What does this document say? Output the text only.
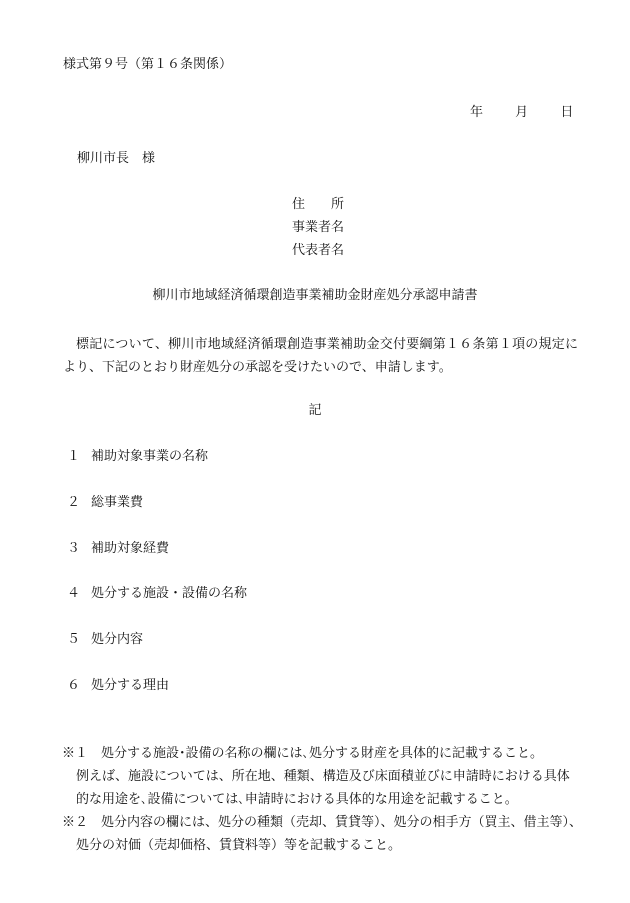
様式第９号（第１６条関係）
年 月 日
柳川市長　様
住　　所
事業者名
代表者名
柳川市地域経済循環創造事業補助金財産処分承認申請書
標記について、柳川市地域経済循環創造事業補助金交付要綱第１６条第１項の規定により、下記のとおり財産処分の承認を受けたいので、申請します。
記
１ 補助対象事業の名称
２ 総事業費
３ 補助対象経費
４ 処分する施設・設備の名称
５ 処分内容
６ 処分する理由

※１　処分する施設･設備の名称の欄には､処分する財産を具体的に記載すること。

例えば、施設については、所在地、種類、構造及び床面積並びに申請時における具体的な用途を､設備については､申請時における具体的な用途を記載すること。

※２　処分内容の欄には、処分の種類（売却、賃貸等）、処分の相手方（買主、借主等）、処分の対価（売却価格、賃貸料等）等を記載すること。
